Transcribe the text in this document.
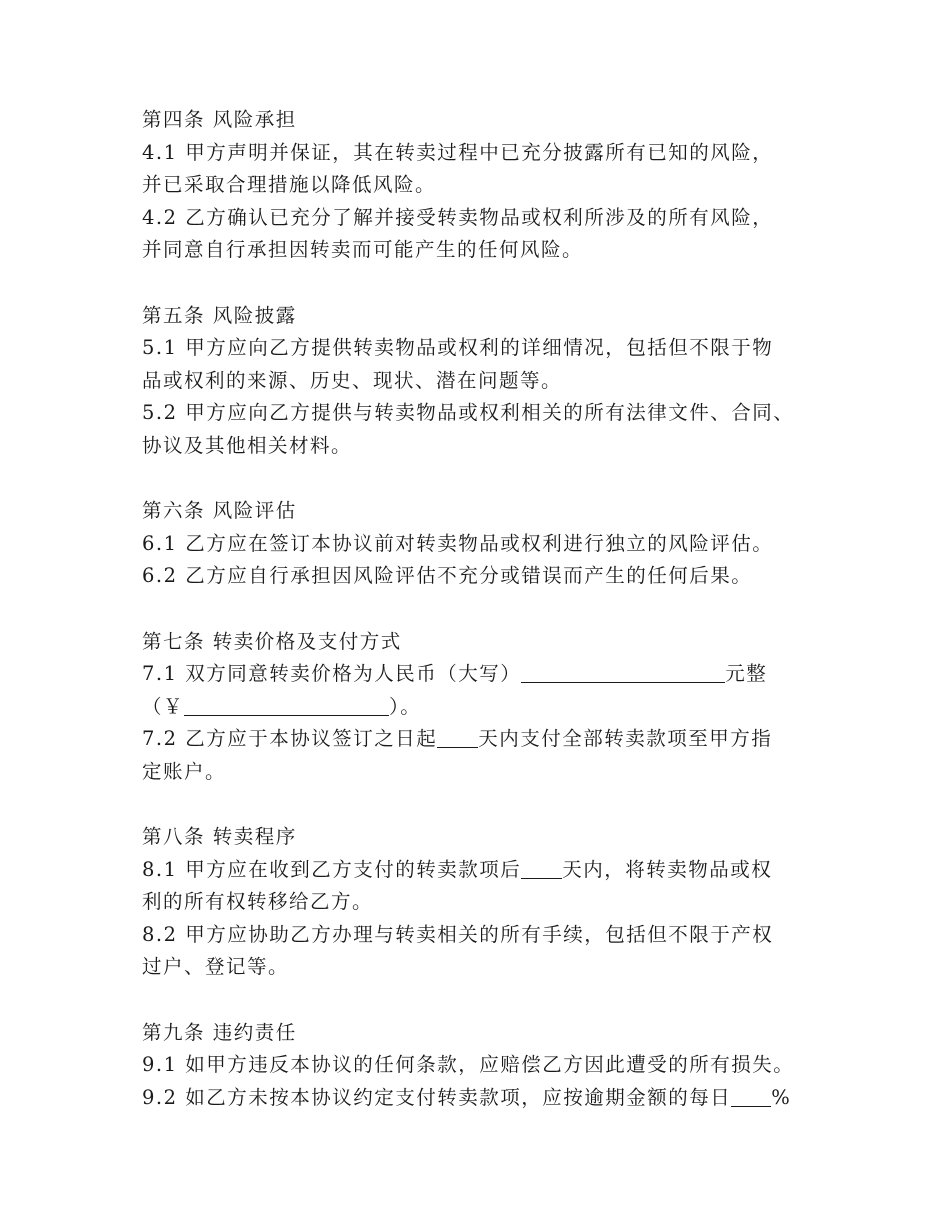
第四条 风险承担
4.1 甲方声明并保证，其在转卖过程中已充分披露所有已知的风险，
并已采取合理措施以降低风险。
4.2 乙方确认已充分了解并接受转卖物品或权利所涉及的所有风险，
并同意自行承担因转卖而可能产生的任何风险。
第五条 风险披露
5.1 甲方应向乙方提供转卖物品或权利的详细情况，包括但不限于物
品或权利的来源、历史、现状、潜在问题等。
5.2 甲方应向乙方提供与转卖物品或权利相关的所有法律文件、合同、
协议及其他相关材料。
第六条 风险评估
6.1 乙方应在签订本协议前对转卖物品或权利进行独立的风险评估。
6.2 乙方应自行承担因风险评估不充分或错误而产生的任何后果。
第七条 转卖价格及支付方式
7.1 双方同意转卖价格为人民币（大写）	元整
（￥	）。
7.2 乙方应于本协议签订之日起 天内支付全部转卖款项至甲方指
定账户。
第八条 转卖程序
8.1 甲方应在收到乙方支付的转卖款项后 天内，将转卖物品或权
利的所有权转移给乙方。
8.2 甲方应协助乙方办理与转卖相关的所有手续，包括但不限于产权
过户、登记等。
第九条 违约责任
9.1 如甲方违反本协议的任何条款，应赔偿乙方因此遭受的所有损失。
9.2 如乙方未按本协议约定支付转卖款项，应按逾期金额的每日 %
